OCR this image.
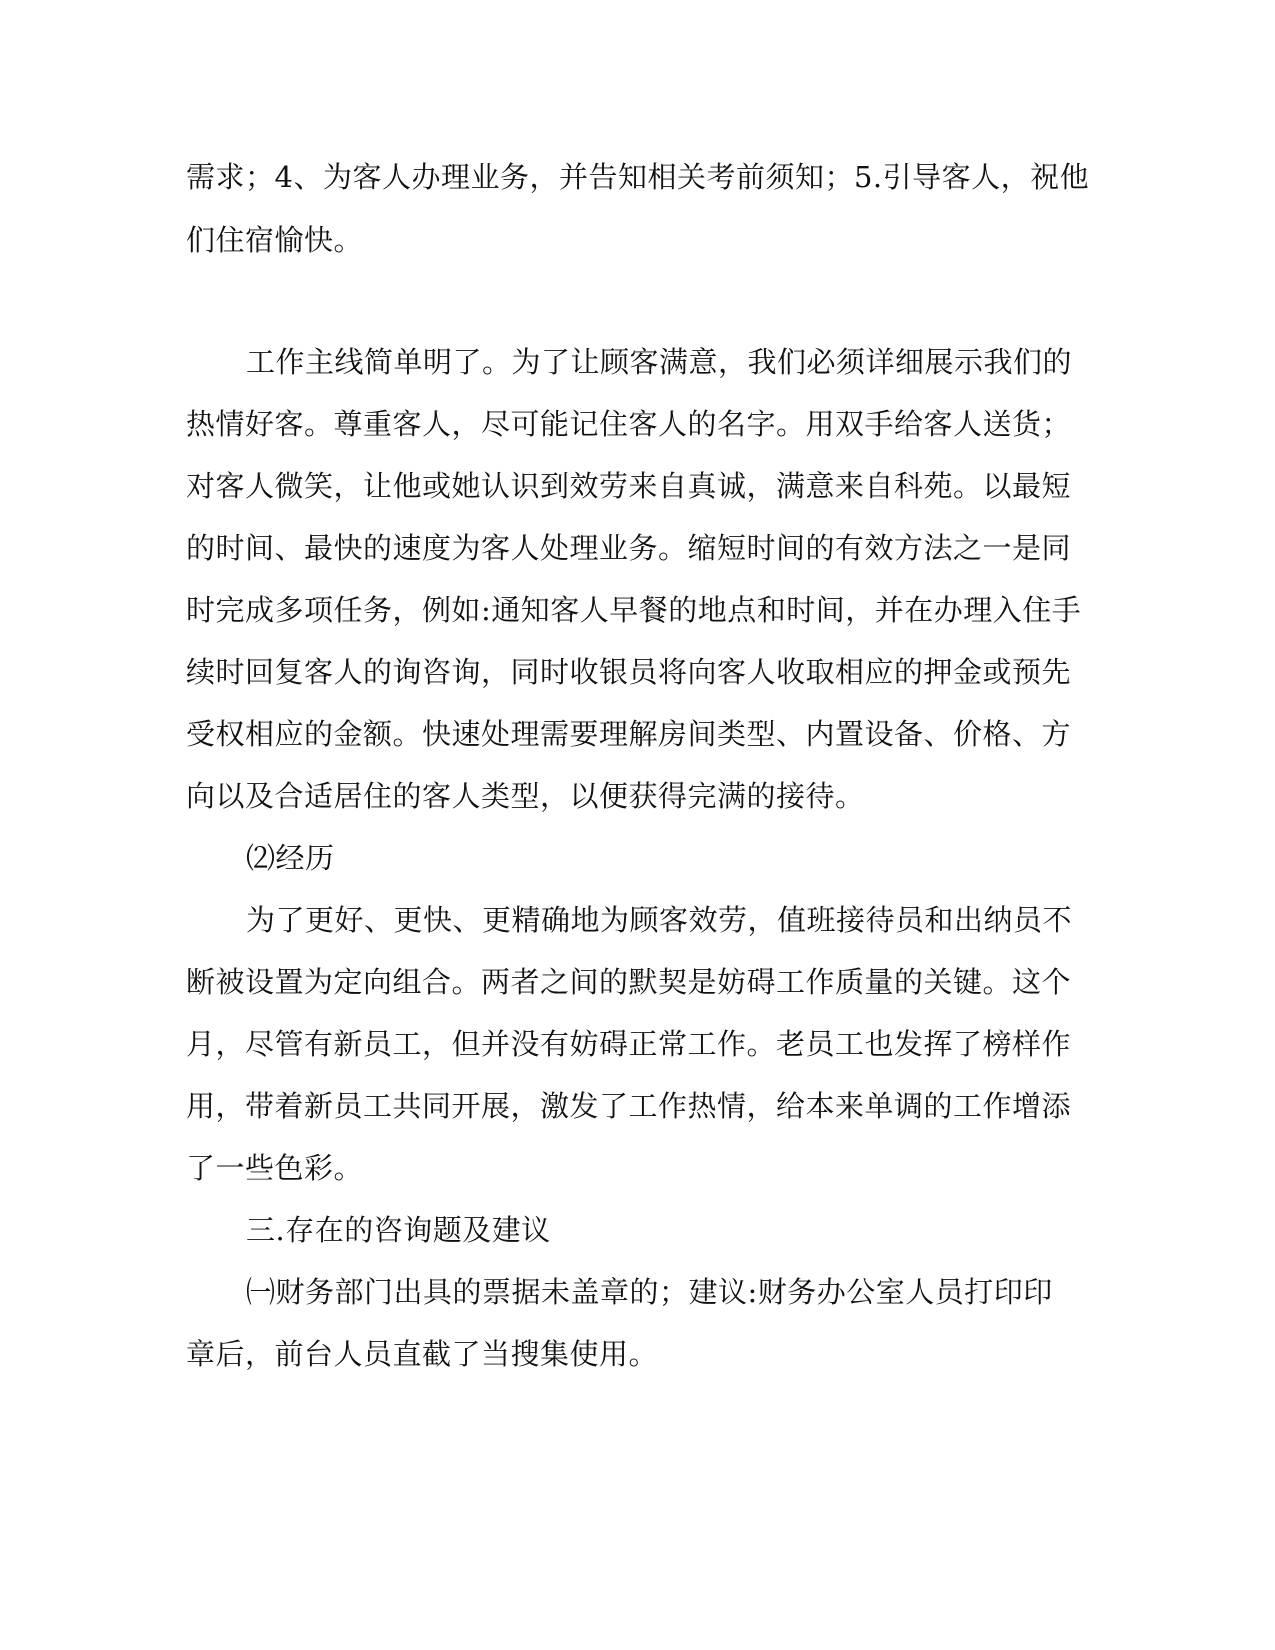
需求；4、为客人办理业务，并告知相关考前须知；5.引导客人，祝他
们住宿愉快。
工作主线简单明了。为了让顾客满意，我们必须详细展示我们的
热情好客。尊重客人，尽可能记住客人的名字。用双手给客人送货；
对客人微笑，让他或她认识到效劳来自真诚，满意来自科苑。以最短
的时间、最快的速度为客人处理业务。缩短时间的有效方法之一是同
时完成多项任务，例如:通知客人早餐的地点和时间，并在办理入住手
续时回复客人的询咨询，同时收银员将向客人收取相应的押金或预先
受权相应的金额。快速处理需要理解房间类型、内置设备、价格、方
向以及合适居住的客人类型，以便获得完满的接待。
⑵经历
为了更好、更快、更精确地为顾客效劳，值班接待员和出纳员不
断被设置为定向组合。两者之间的默契是妨碍工作质量的关键。这个
月，尽管有新员工，但并没有妨碍正常工作。老员工也发挥了榜样作
用，带着新员工共同开展，激发了工作热情，给本来单调的工作增添
了一些色彩。
三.存在的咨询题及建议
㈠财务部门出具的票据未盖章的；建议:财务办公室人员打印印
章后，前台人员直截了当搜集使用。
